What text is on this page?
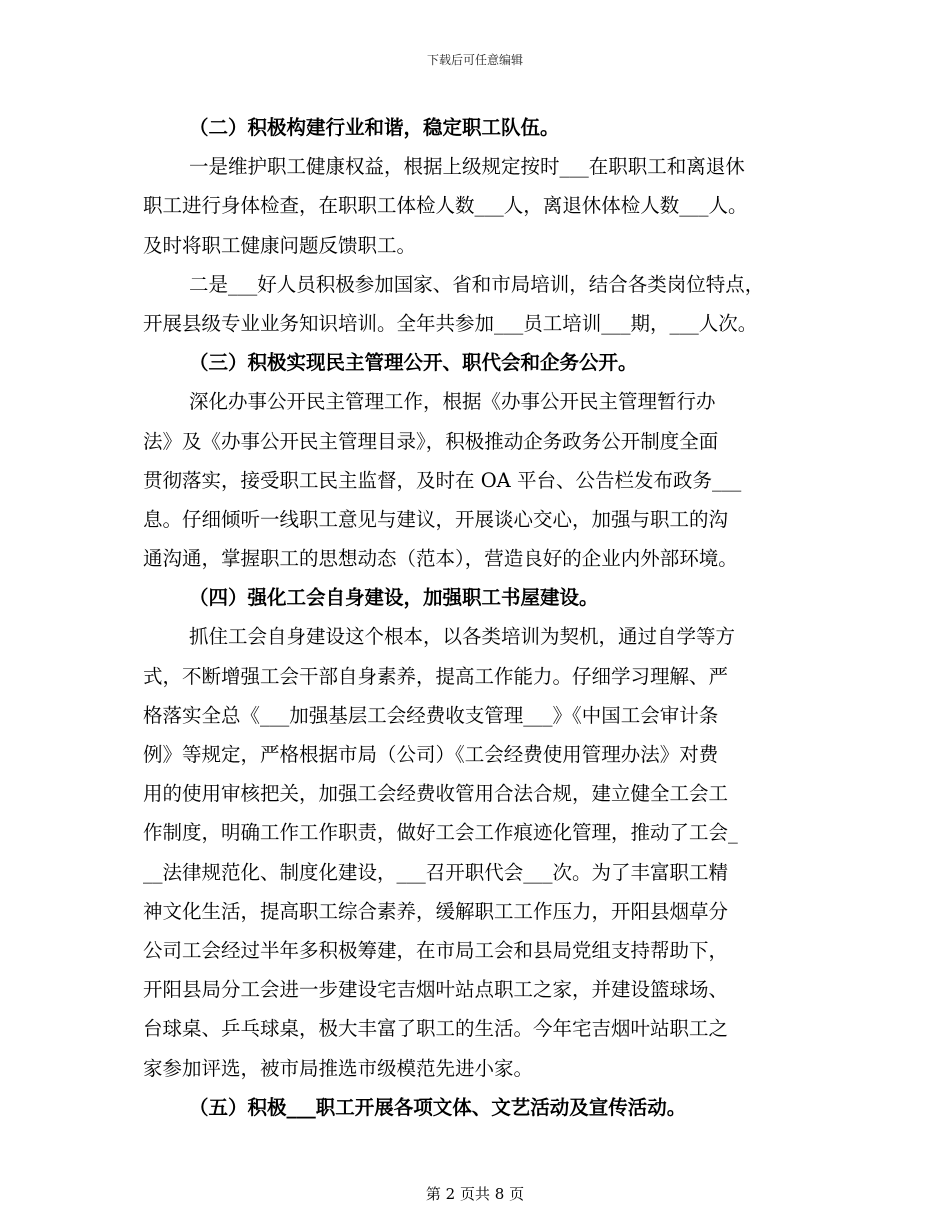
下载后可任意编辑
（二）积极构建行业和谐，稳定职工队伍。
一是维护职工健康权益，根据上级规定按时___在职职工和离退休
职工进行身体检查，在职职工体检人数___人，离退休体检人数___人。
及时将职工健康问题反馈职工。
二是___好人员积极参加国家、省和市局培训，结合各类岗位特点，
开展县级专业业务知识培训。全年共参加___员工培训___期，___人次。
（三）积极实现民主管理公开、职代会和企务公开。
深化办事公开民主管理工作，根据《办事公开民主管理暂行办
法》及《办事公开民主管理目录》，积极推动企务政务公开制度全面
贯彻落实，接受职工民主监督，及时在 OA 平台、公告栏发布政务___
息。仔细倾听一线职工意见与建议，开展谈心交心，加强与职工的沟
通沟通，掌握职工的思想动态（范本），营造良好的企业内外部环境。
（四）强化工会自身建设，加强职工书屋建设。
抓住工会自身建设这个根本，以各类培训为契机，通过自学等方
式，不断增强工会干部自身素养，提高工作能力。仔细学习理解、严
格落实全总《___加强基层工会经费收支管理___》《中国工会审计条
例》等规定，严格根据市局（公司）《工会经费使用管理办法》对费
用的使用审核把关，加强工会经费收管用合法合规，建立健全工会工
作制度，明确工作工作职责，做好工会工作痕迹化管理，推动了工会_
__法律规范化、制度化建设，___召开职代会___次。为了丰富职工精
神文化生活，提高职工综合素养，缓解职工工作压力，开阳县烟草分
公司工会经过半年多积极筹建，在市局工会和县局党组支持帮助下，
开阳县局分工会进一步建设宅吉烟叶站点职工之家，并建设篮球场、
台球桌、乒乓球桌，极大丰富了职工的生活。今年宅吉烟叶站职工之
家参加评选，被市局推选市级模范先进小家。
（五）积极___职工开展各项文体、文艺活动及宣传活动。
第 2 页共 8 页
